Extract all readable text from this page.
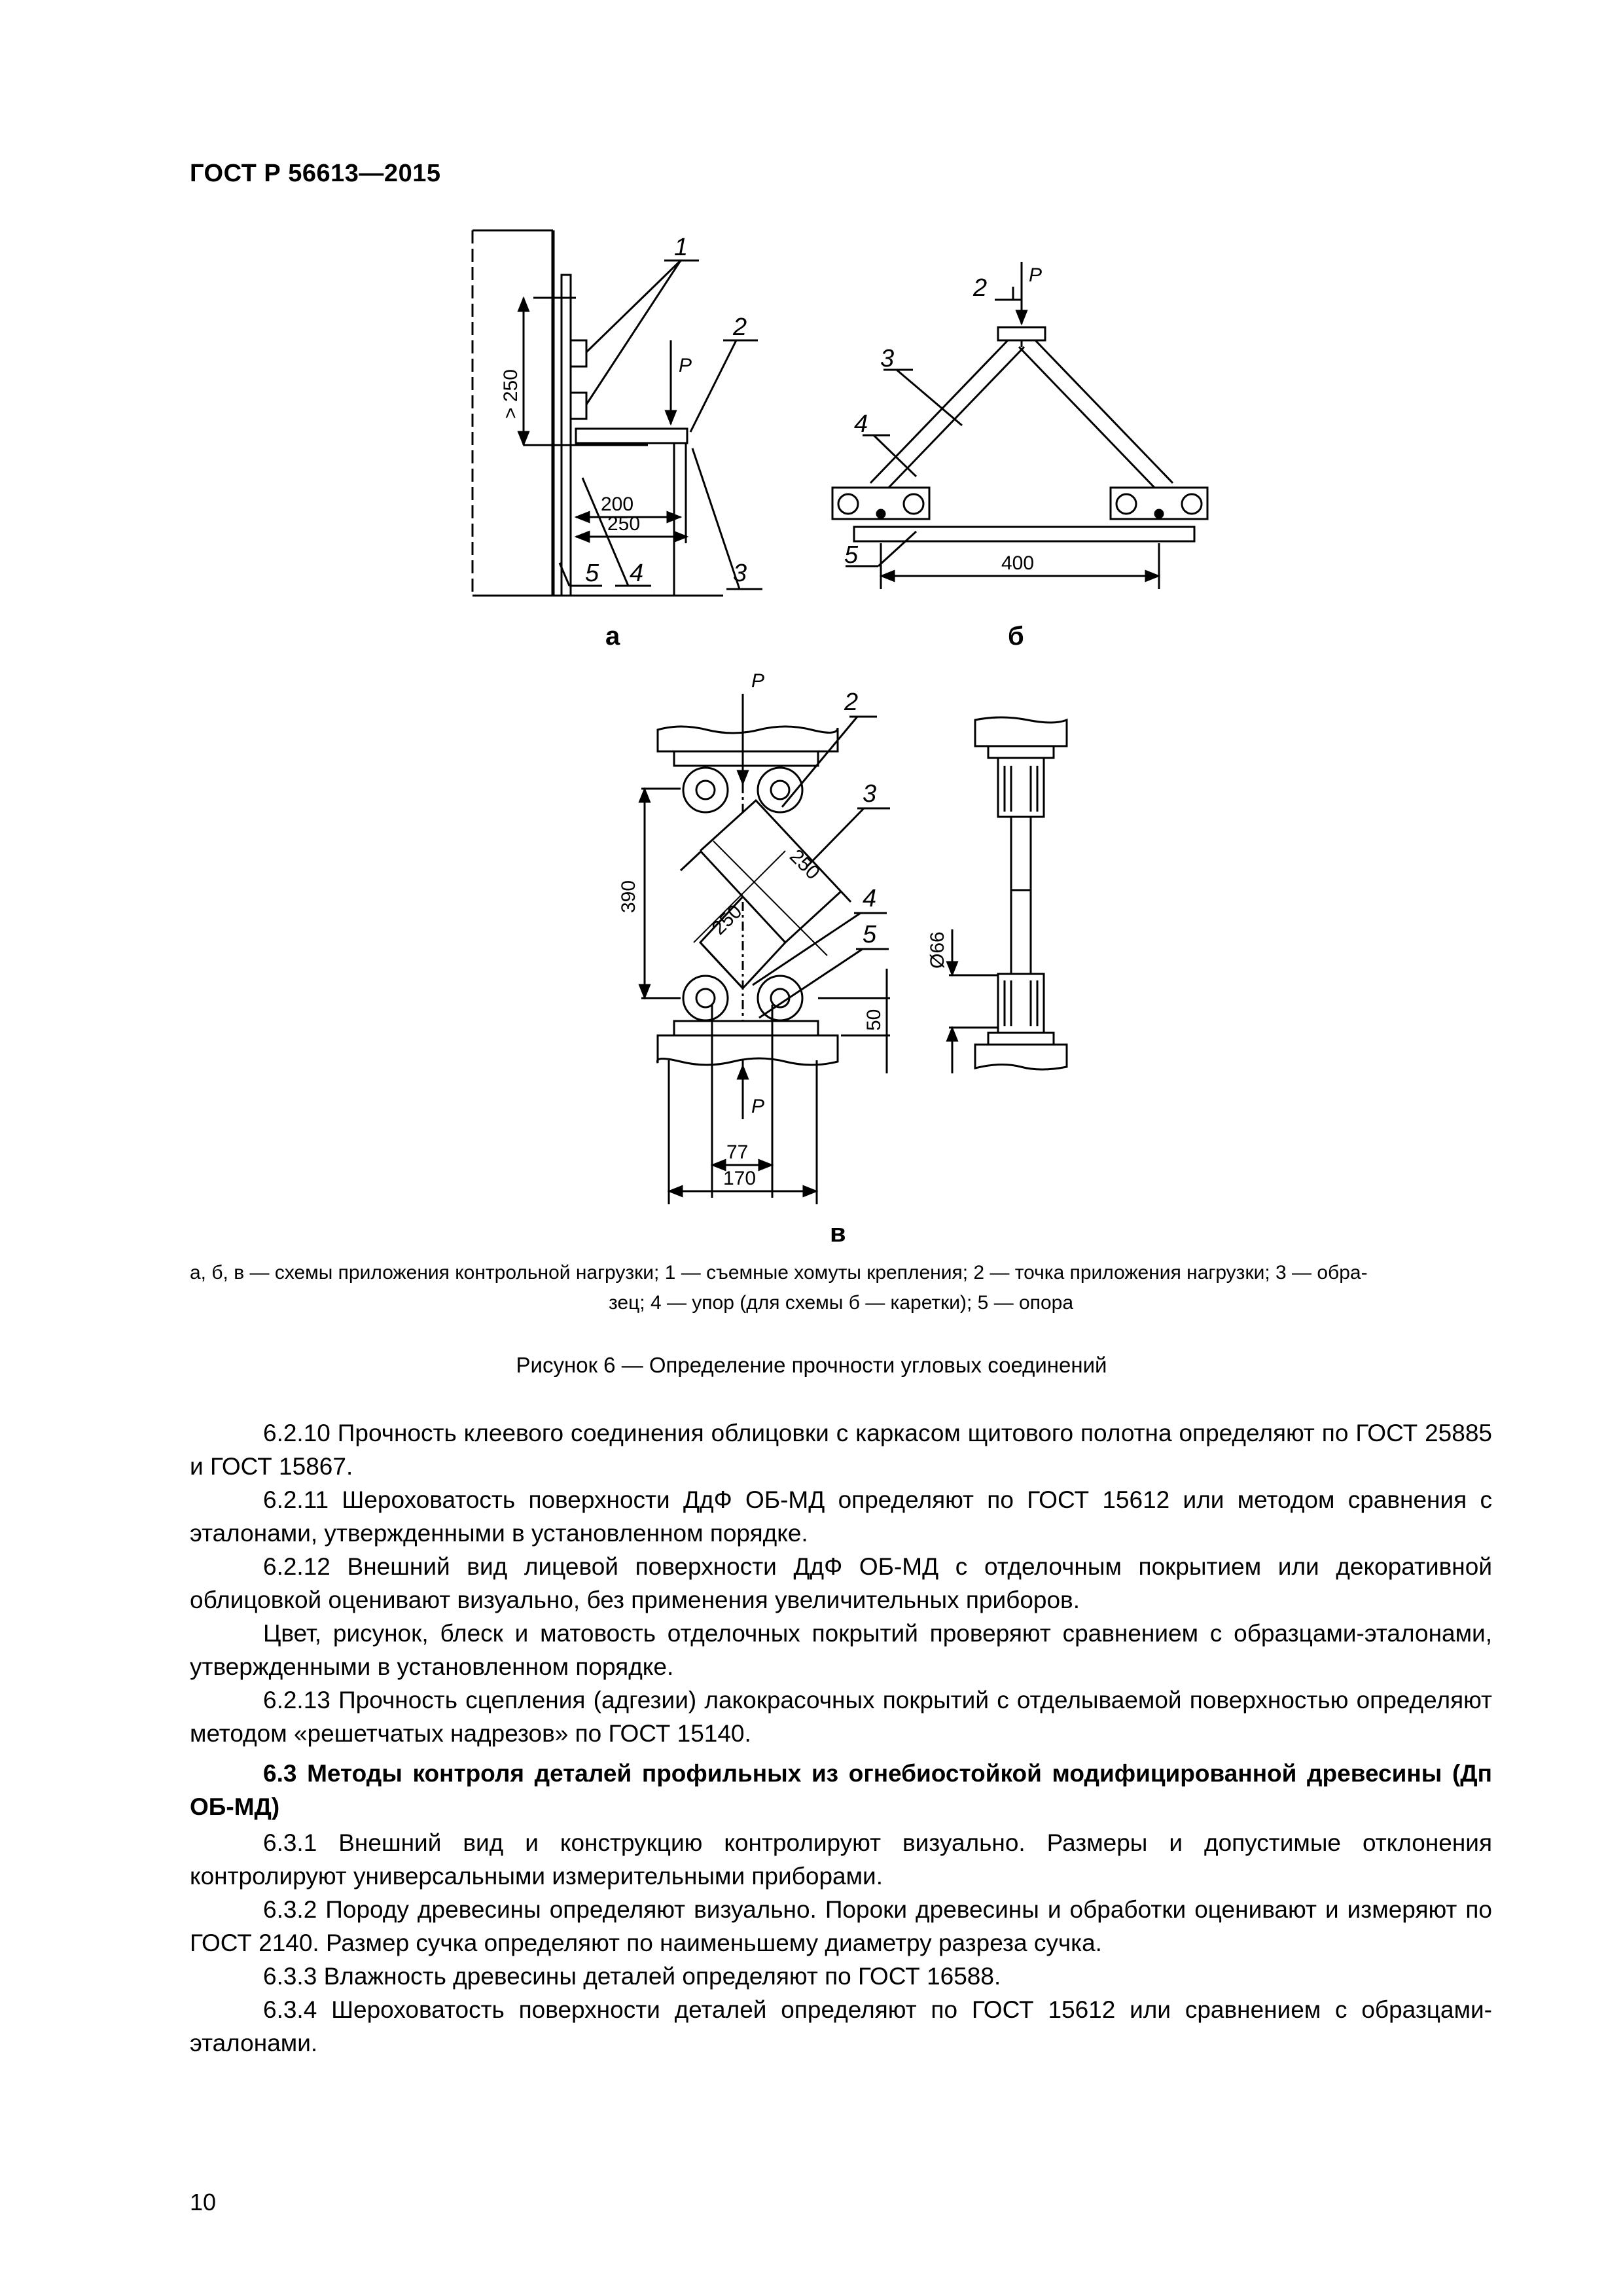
ГОСТ Р 56613—2015
1
2
P
3
4
5
200
250
> 250
2 P
3
4
5	400
P
2
3
4
5
P
77
170
390
250
250
50
Ø66
а	б
в
а, б, в — схемы приложения контрольной нагрузки; 1 — съемные хомуты крепления; 2 — точка приложения нагрузки; 3 — обра-
зец; 4 — упор (для схемы б — каретки); 5 — опора
Рисунок 6 — Определение прочности угловых соединений

6.2.10 Прочность клеевого соединения облицовки с каркасом щитового полотна определяют по ГОСТ 25885 и ГОСТ 15867.

6.2.11 Шероховатость поверхности ДдФ ОБ-МД определяют по ГОСТ 15612 или методом сравнения с эталонами, утвержденными в установленном порядке.

6.2.12 Внешний вид лицевой поверхности ДдФ ОБ-МД с отделочным покрытием или декоративной облицовкой оценивают визуально, без применения увеличительных приборов.

Цвет, рисунок, блеск и матовость отделочных покрытий проверяют сравнением с образцами-эталонами, утвержденными в установленном порядке.

6.2.13 Прочность сцепления (адгезии) лакокрасочных покрытий с отделываемой поверхностью определяют методом «решетчатых надрезов» по ГОСТ 15140.

6.3 Методы контроля деталей профильных из огнебиостойкой модифицированной древесины (Дп ОБ-МД)

6.3.1 Внешний вид и конструкцию контролируют визуально. Размеры и допустимые отклонения контролируют универсальными измерительными приборами.

6.3.2 Породу древесины определяют визуально. Пороки древесины и обработки оценивают и измеряют по ГОСТ 2140. Размер сучка определяют по наименьшему диаметру разреза сучка.

6.3.3 Влажность древесины деталей определяют по ГОСТ 16588.

6.3.4 Шероховатость поверхности деталей определяют по ГОСТ 15612 или сравнением с образцами-эталонами.

10
